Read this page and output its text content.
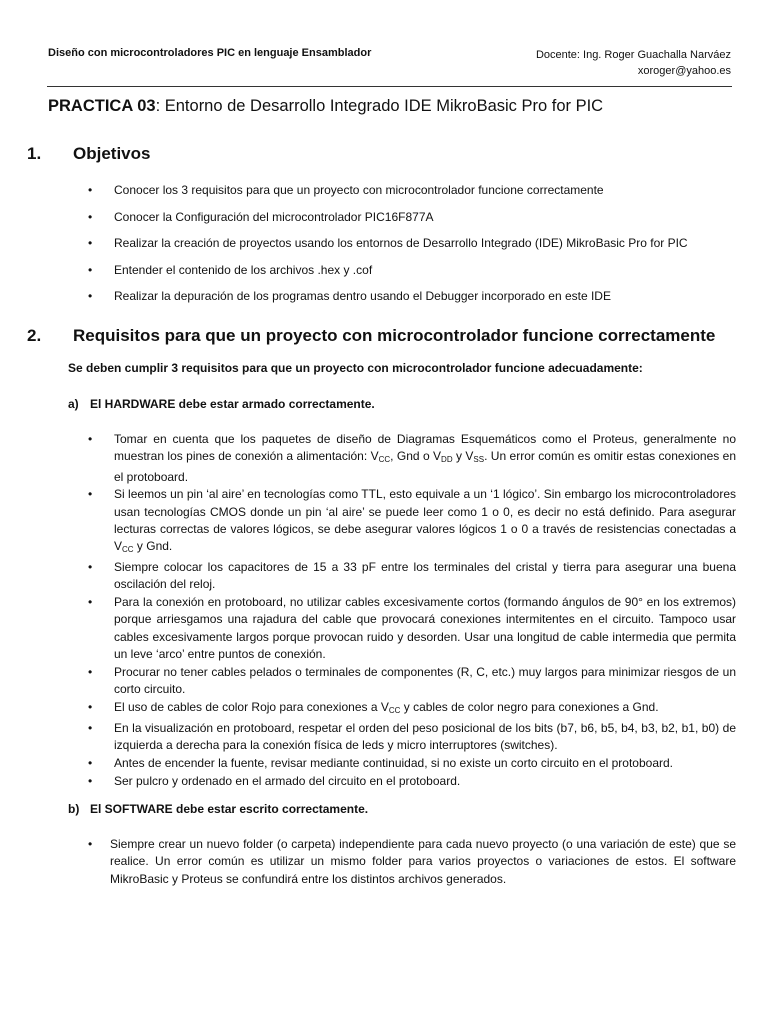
Diseño con microcontroladores PIC en lenguaje Ensamblador	Docente: Ing. Roger Guachalla Narváez
xoroger@yahoo.es
PRACTICA 03: Entorno de Desarrollo Integrado IDE MikroBasic Pro for PIC
1. Objetivos
• Conocer los 3 requisitos para que un proyecto con microcontrolador funcione correctamente
• Conocer la Configuración del microcontrolador PIC16F877A
• Realizar la creación de proyectos usando los entornos de Desarrollo Integrado (IDE) MikroBasic Pro for PIC
• Entender el contenido de los archivos .hex y .cof
• Realizar la depuración de los programas dentro usando el Debugger incorporado en este IDE
2. Requisitos para que un proyecto con microcontrolador funcione correctamente
Se deben cumplir 3 requisitos para que un proyecto con microcontrolador funcione adecuadamente:
a) El HARDWARE debe estar armado correctamente.
• Tomar en cuenta que los paquetes de diseño de Diagramas Esquemáticos como el Proteus, generalmente no muestran los pines de conexión a alimentación: $V_{CC}$, Gnd o $V_{DD}$ y $V_{SS}$. Un error común es omitir estas conexiones en el protoboard.
• Si leemos un pin ‘al aire’ en tecnologías como TTL, esto equivale a un ‘1 lógico’. Sin embargo los microcontroladores usan tecnologías CMOS donde un pin ‘al aire’ se puede leer como 1 o 0, es decir no está definido. Para asegurar lecturas correctas de valores lógicos, se debe asegurar valores lógicos 1 o 0 a través de resistencias conectadas a $V_{CC}$ y Gnd.
• Siempre colocar los capacitores de 15 a 33 pF entre los terminales del cristal y tierra para asegurar una buena oscilación del reloj.
• Para la conexión en protoboard, no utilizar cables excesivamente cortos (formando ángulos de 90° en los extremos) porque arriesgamos una rajadura del cable que provocará conexiones intermitentes en el circuito. Tampoco usar cables excesivamente largos porque provocan ruido y desorden. Usar una longitud de cable intermedia que permita un leve ‘arco’ entre puntos de conexión.
• Procurar no tener cables pelados o terminales de componentes (R, C, etc.) muy largos para minimizar riesgos de un corto circuito.
• El uso de cables de color Rojo para conexiones a $V_{CC}$ y cables de color negro para conexiones a Gnd.
• En la visualización en protoboard, respetar el orden del peso posicional de los bits (b7, b6, b5, b4, b3, b2, b1, b0) de izquierda a derecha para la conexión física de leds y micro interruptores (switches).
• Antes de encender la fuente, revisar mediante continuidad, si no existe un corto circuito en el protoboard.
• Ser pulcro y ordenado en el armado del circuito en el protoboard.
b) El SOFTWARE debe estar escrito correctamente.
• Siempre crear un nuevo folder (o carpeta) independiente para cada nuevo proyecto (o una variación de este) que se realice. Un error común es utilizar un mismo folder para varios proyectos o variaciones de estos. El software MikroBasic y Proteus se confundirá entre los distintos archivos generados.
